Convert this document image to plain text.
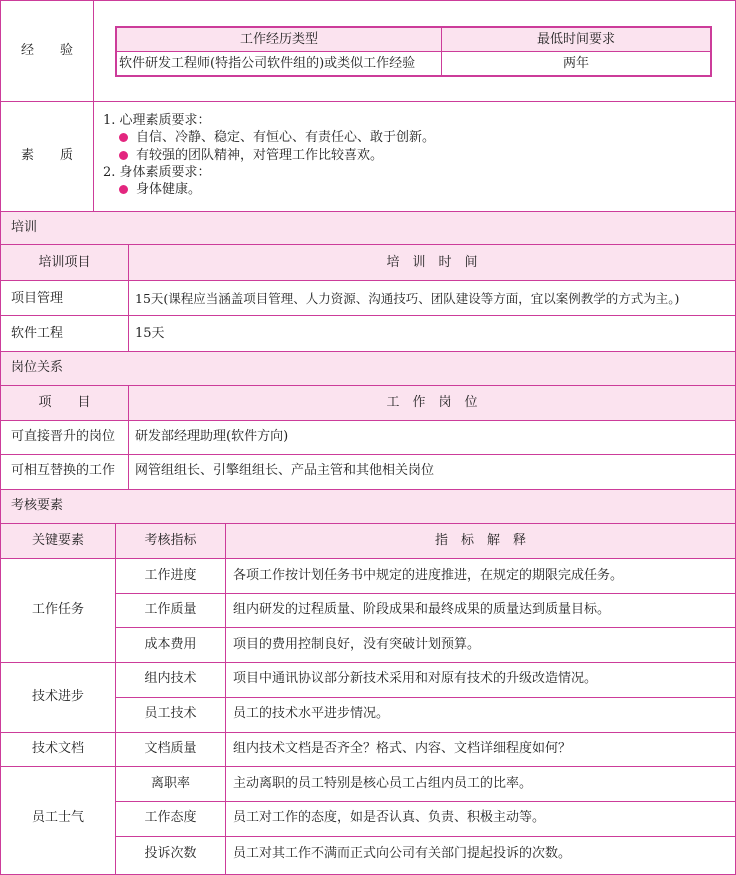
经　　验
工作经历类型	最低时间要求
软件研发工程师(特指公司软件组的)或类似工作经验	两年
素　　质
1. 心理素质要求：
自信、冷静、稳定、有恒心、有责任心、敢于创新。
有较强的团队精神，对管理工作比较喜欢。
2. 身体素质要求：
身体健康。
培训
培训项目	培　训　时　间
项目管理	15天(课程应当涵盖项目管理、人力资源、沟通技巧、团队建设等方面，宜以案例教学的方式为主。)
软件工程	15天
岗位关系
项　　目	工　作　岗　位
可直接晋升的岗位 研发部经理助理(软件方向)
可相互替换的工作 网管组组长、引擎组组长、产品主管和其他相关岗位
考核要素
关键要素	考核指标	指　标　解　释
工作任务
工作进度	各项工作按计划任务书中规定的进度推进，在规定的期限完成任务。
工作质量	组内研发的过程质量、阶段成果和最终成果的质量达到质量目标。
成本费用	项目的费用控制良好，没有突破计划预算。
技术进步
组内技术	项目中通讯协议部分新技术采用和对原有技术的升级改造情况。
员工技术	员工的技术水平进步情况。
技术文档	文档质量	组内技术文档是否齐全？格式、内容、文档详细程度如何？
员工士气
离职率	主动离职的员工特别是核心员工占组内员工的比率。
工作态度	员工对工作的态度，如是否认真、负责、积极主动等。
投诉次数	员工对其工作不满而正式向公司有关部门提起投诉的次数。
